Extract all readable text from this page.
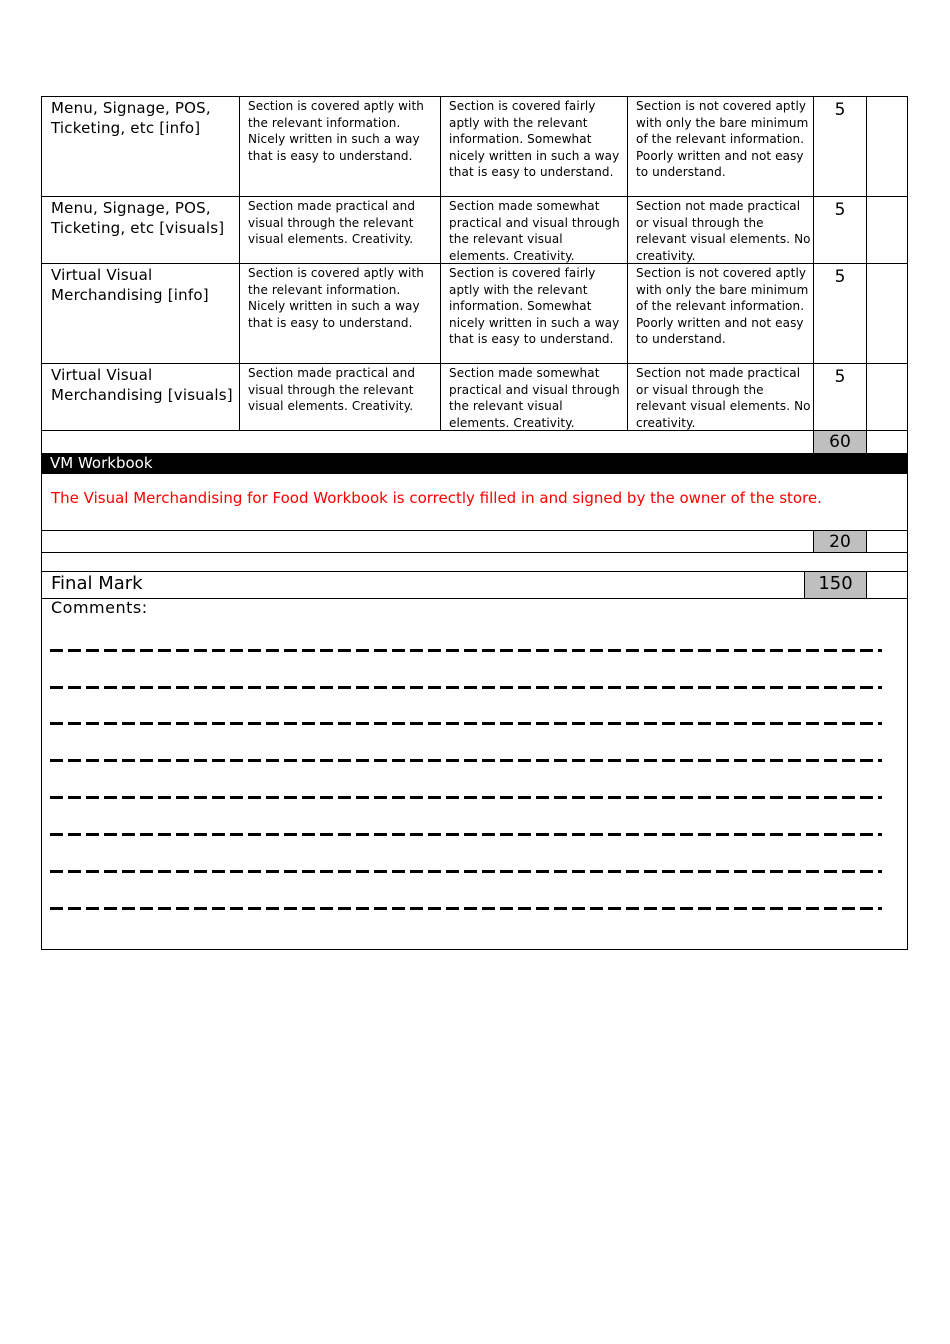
Menu, Signage, POS, Ticketing, etc [info]
Section is covered aptly with the relevant information. Nicely written in such a way that is easy to understand.
Section is covered fairly aptly with the relevant information. Somewhat nicely written in such a way that is easy to understand.
Section is not covered aptly with only the bare minimum of the relevant information. Poorly written and not easy to understand.
5
Menu, Signage, POS, Ticketing, etc [visuals]
Section made practical and visual through the relevant visual elements. Creativity.
Section made somewhat practical and visual through the relevant visual elements. Creativity.
Section not made practical or visual through the relevant visual elements. No creativity.
5
Virtual Visual Merchandising [info]
Section is covered aptly with the relevant information. Nicely written in such a way that is easy to understand.
Section is covered fairly aptly with the relevant information. Somewhat nicely written in such a way that is easy to understand.
Section is not covered aptly with only the bare minimum of the relevant information. Poorly written and not easy to understand.
5
Virtual Visual Merchandising [visuals]
Section made practical and visual through the relevant visual elements. Creativity.
Section made somewhat practical and visual through the relevant visual elements. Creativity.
Section not made practical or visual through the relevant visual elements. No creativity.
5
60
VM Workbook
The Visual Merchandising for Food Workbook is correctly filled in and signed by the owner of the store.
20
Final Mark	150
Comments:
